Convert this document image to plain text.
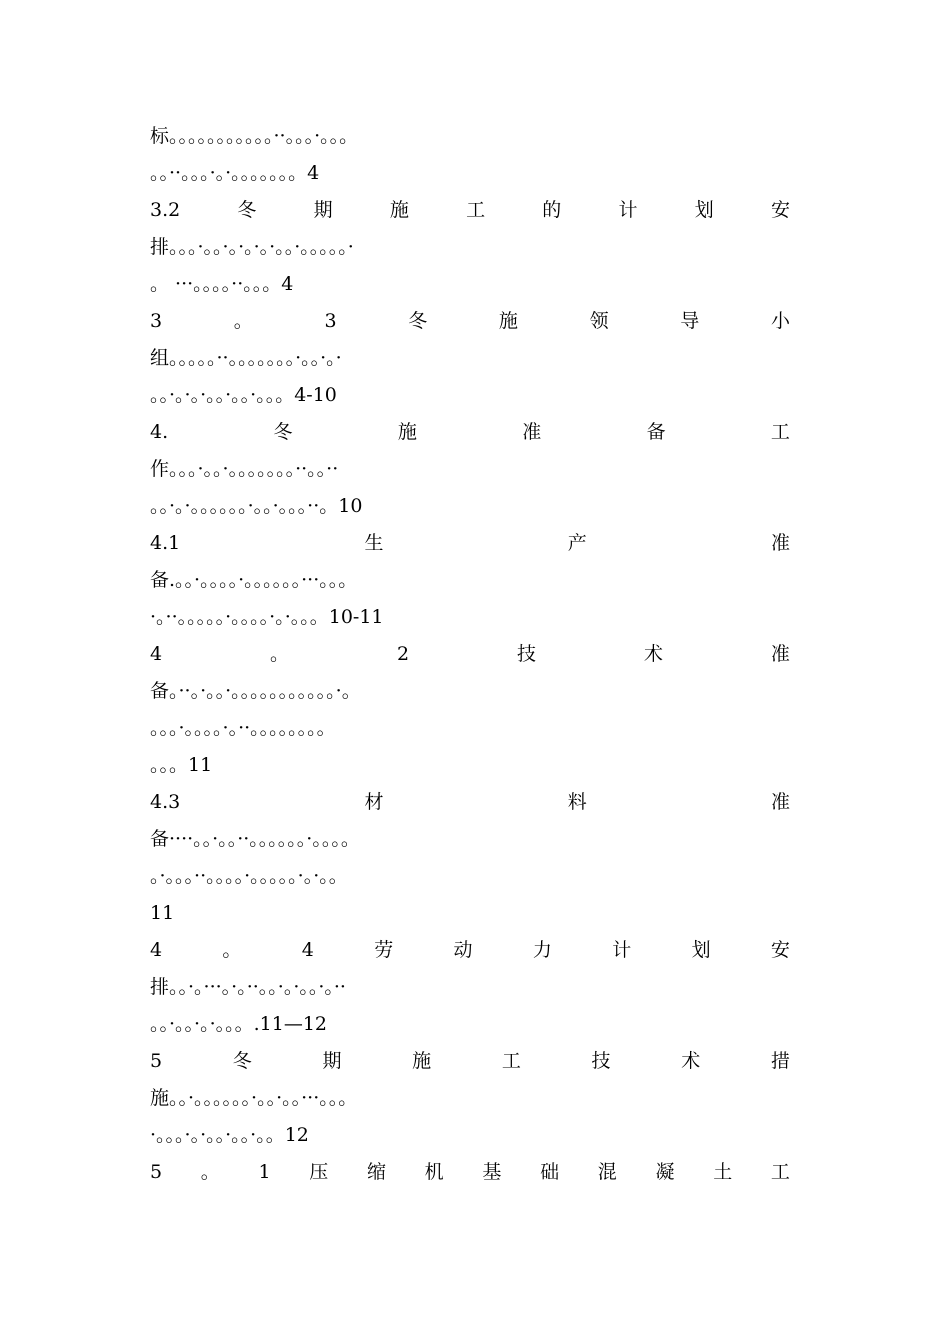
标。。。。。。。。。。。··。。。·。。。
。。··。。。·。·。。。。。。。4
3.2	冬	期	施	工	的	计	划	安
排。。。·。。·。·。·。·。。·。。。。。·
。 ···。。。。··。。。4
3	。	3	冬	施	领	导	小
组。。。。。··。。。。。。。·。。·。·
。。·。·。·。。·。。·。。。4-10
4.	冬	施	准	备	工
作。。。·。。·。。。。。。。··。。··
。。·。·。。。。。。·。。·。。。··。10
4.1	生	产	准
备.。。·。。。。·。。。。。。···。。。
·。··。。。。。·。。。。·。·。。。10-11
4	。	2	技	术	准
备。··。·。。·。。。。。。。。。。。·。
。。。·。。。。·。··。。。。。。。。
。。。11
4.3	材	料	准
备····。。·。。··。。。。。。·。。。。
。·。。。··。。。。·。。。。。·。·。。
11
4	。	4	劳	动	力	计	划	安
排。。·。···。·。··。。·。·。。·。··
。。·。。·。·。。。.11—12
5	冬	期	施	工	技	术	措
施。。·。。。。。。·。。·。。···。。。
·。。。·。·。。·。。·。。12
5 。 1 压 缩 机 基 础 混 凝 土 工
